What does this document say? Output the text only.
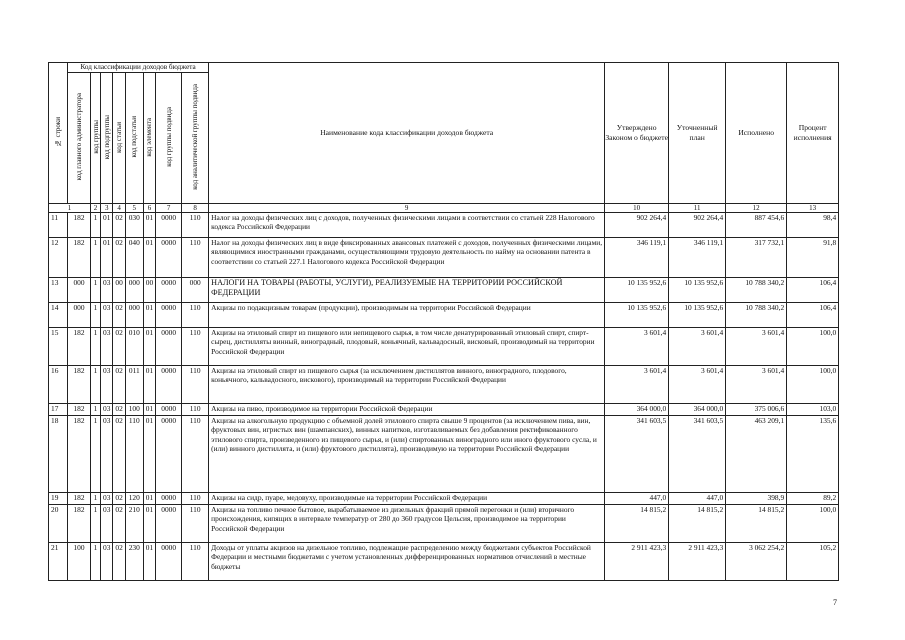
№ строки	Код классификации доходов бюджета								Наименование кода классификации доходов бюджета	Утверждено Законом о бюджете	Уточненный план	Исполнено	Процент исполнения
	код главного администратора	код группы	код подгруппы	код статьи	код подстатьи	код элемента	код группы подвида	код аналитической группы подвида					
1		2	3	4	5	6	7	8	9	10	11	12	13
11	182	1	01	02	030	01	0000	110	Налог на доходы физических лиц с доходов, полученных физическими лицами в соответствии со статьей 228 Налогового кодекса Российской Федерации	902 264,4	902 264,4	887 454,6	98,4
12	182	1	01	02	040	01	0000	110	Налог на доходы физических лиц в виде фиксированных авансовых платежей с доходов, полученных физическими лицами, являющимися иностранными гражданами, осуществляющими трудовую деятельность по найму на основании патента в соответствии со статьей 227.1 Налогового кодекса Российской Федерации	346 119,1	346 119,1	317 732,1	91,8
13	000	1	03	00	000	00	0000	000	НАЛОГИ НА ТОВАРЫ (РАБОТЫ, УСЛУГИ), РЕАЛИЗУЕМЫЕ НА ТЕРРИТОРИИ РОССИЙСКОЙ ФЕДЕРАЦИИ	10 135 952,6	10 135 952,6	10 788 340,2	106,4
14	000	1	03	02	000	01	0000	110	Акцизы по подакцизным товарам (продукции), производимым на территории Российской Федерации	10 135 952,6	10 135 952,6	10 788 340,2	106,4
15	182	1	03	02	010	01	0000	110	Акцизы на этиловый спирт из пищевого или непищевого сырья, в том числе денатурированный этиловый спирт, спирт-сырец, дистилляты винный, виноградный, плодовый, коньячный, кальвадосный, висковый, производимый на территории Российской Федерации	3 601,4	3 601,4	3 601,4	100,0
16	182	1	03	02	011	01	0000	110	Акцизы на этиловый спирт из пищевого сырья (за исключением дистиллятов винного, виноградного, плодового, коньячного, кальвадосного, вискового), производимый на территории Российской Федерации	3 601,4	3 601,4	3 601,4	100,0
17	182	1	03	02	100	01	0000	110	Акцизы на пиво, производимое на территории Российской Федерации	364 000,0	364 000,0	375 006,6	103,0
18	182	1	03	02	110	01	0000	110	Акцизы на алкогольную продукцию с объемной долей этилового спирта свыше 9 процентов (за исключением пива, вин, фруктовых вин, игристых вин (шампанских), винных напитков, изготавливаемых без добавления ректификованного этилового спирта, произведенного из пищевого сырья, и (или) спиртованных виноградного или иного фруктового сусла, и (или) винного дистиллята, и (или) фруктового дистиллята), производимую на территории Российской Федерации	341 603,5	341 603,5	463 209,1	135,6
19	182	1	03	02	120	01	0000	110	Акцизы на сидр, пуаре, медовуху, производимые на территории Российской Федерации	447,0	447,0	398,9	89,2
20	182	1	03	02	210	01	0000	110	Акцизы на топливо печное бытовое, вырабатываемое из дизельных фракций прямой перегонки и (или) вторичного происхождения, кипящих в интервале температур от 280 до 360 градусов Цельсия, производимое на территории Российской Федерации	14 815,2	14 815,2	14 815,2	100,0
21	100	1	03	02	230	01	0000	110	Доходы от уплаты акцизов на дизельное топливо, подлежащие распределению между бюджетами субъектов Российской Федерации и местными бюджетами с учетом установленных дифференцированных нормативов отчислений в местные бюджеты	2 911 423,3	2 911 423,3	3 062 254,2	105,2
7
